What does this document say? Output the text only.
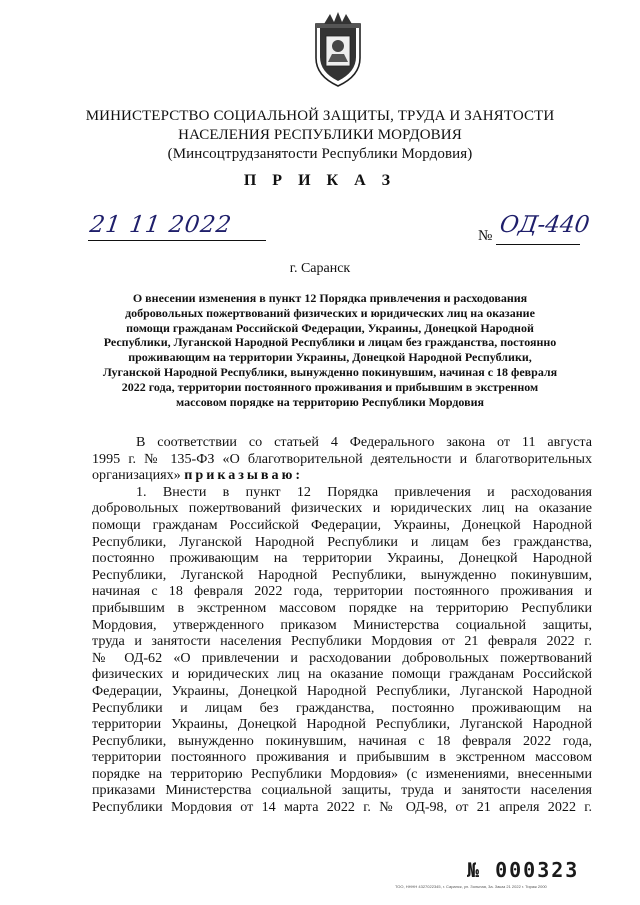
МИНИСТЕРСТВО СОЦИАЛЬНОЙ ЗАЩИТЫ, ТРУДА И ЗАНЯТОСТИ
НАСЕЛЕНИЯ РЕСПУБЛИКИ МОРДОВИЯ
(Минсоцтрудзанятости Республики Мордовия)
П Р И К А З
21 11 2022	№ ОД-440
г. Саранск
О внесении изменения в пункт 12 Порядка привлечения и расходования
добровольных пожертвований физических и юридических лиц на оказание
помощи гражданам Российской Федерации, Украины, Донецкой Народной
Республики, Луганской Народной Республики и лицам без гражданства, постоянно
проживающим на территории Украины, Донецкой Народной Республики,
Луганской Народной Республики, вынужденно покинувшим, начиная с 18 февраля
2022 года, территории постоянного проживания и прибывшим в экстренном
массовом порядке на территорию Республики Мордовия
В соответствии со статьей 4 Федерального закона от 11 августа
1995 г. № 135-ФЗ «О благотворительной деятельности и благотворительных
организациях» приказываю:
1. Внести в пункт 12 Порядка привлечения и расходования
добровольных пожертвований физических и юридических лиц на оказание
помощи гражданам Российской Федерации, Украины, Донецкой Народной
Республики, Луганской Народной Республики и лицам без гражданства,
постоянно проживающим на территории Украины, Донецкой Народной
Республики, Луганской Народной Республики, вынужденно покинувшим,
начиная с 18 февраля 2022 года, территории постоянного проживания и
прибывшим в экстренном массовом порядке на территорию Республики
Мордовия, утвержденного приказом Министерства социальной защиты,
труда и занятости населения Республики Мордовия от 21 февраля 2022 г.
№ ОД-62 «О привлечении и расходовании добровольных пожертвований
физических и юридических лиц на оказание помощи гражданам Российской
Федерации, Украины, Донецкой Народной Республики, Луганской Народной
Республики и лицам без гражданства, постоянно проживающим на
территории Украины, Донецкой Народной Республики, Луганской Народной
Республики, вынужденно покинувшим, начиная с 18 февраля 2022 года,
территории постоянного проживания и прибывшим в экстренном массовом
порядке на территорию Республики Мордовия» (с изменениями, внесенными
приказами Министерства социальной защиты, труда и занятости населения
Республики Мордовия от 14 марта 2022 г. № ОД-98, от 21 апреля 2022 г.
№ 000323
ТОО, НННН 4327022345, г. Саранск, ул. Зольная, 3а. Заказ 21 2022 г. Тираж 2000
